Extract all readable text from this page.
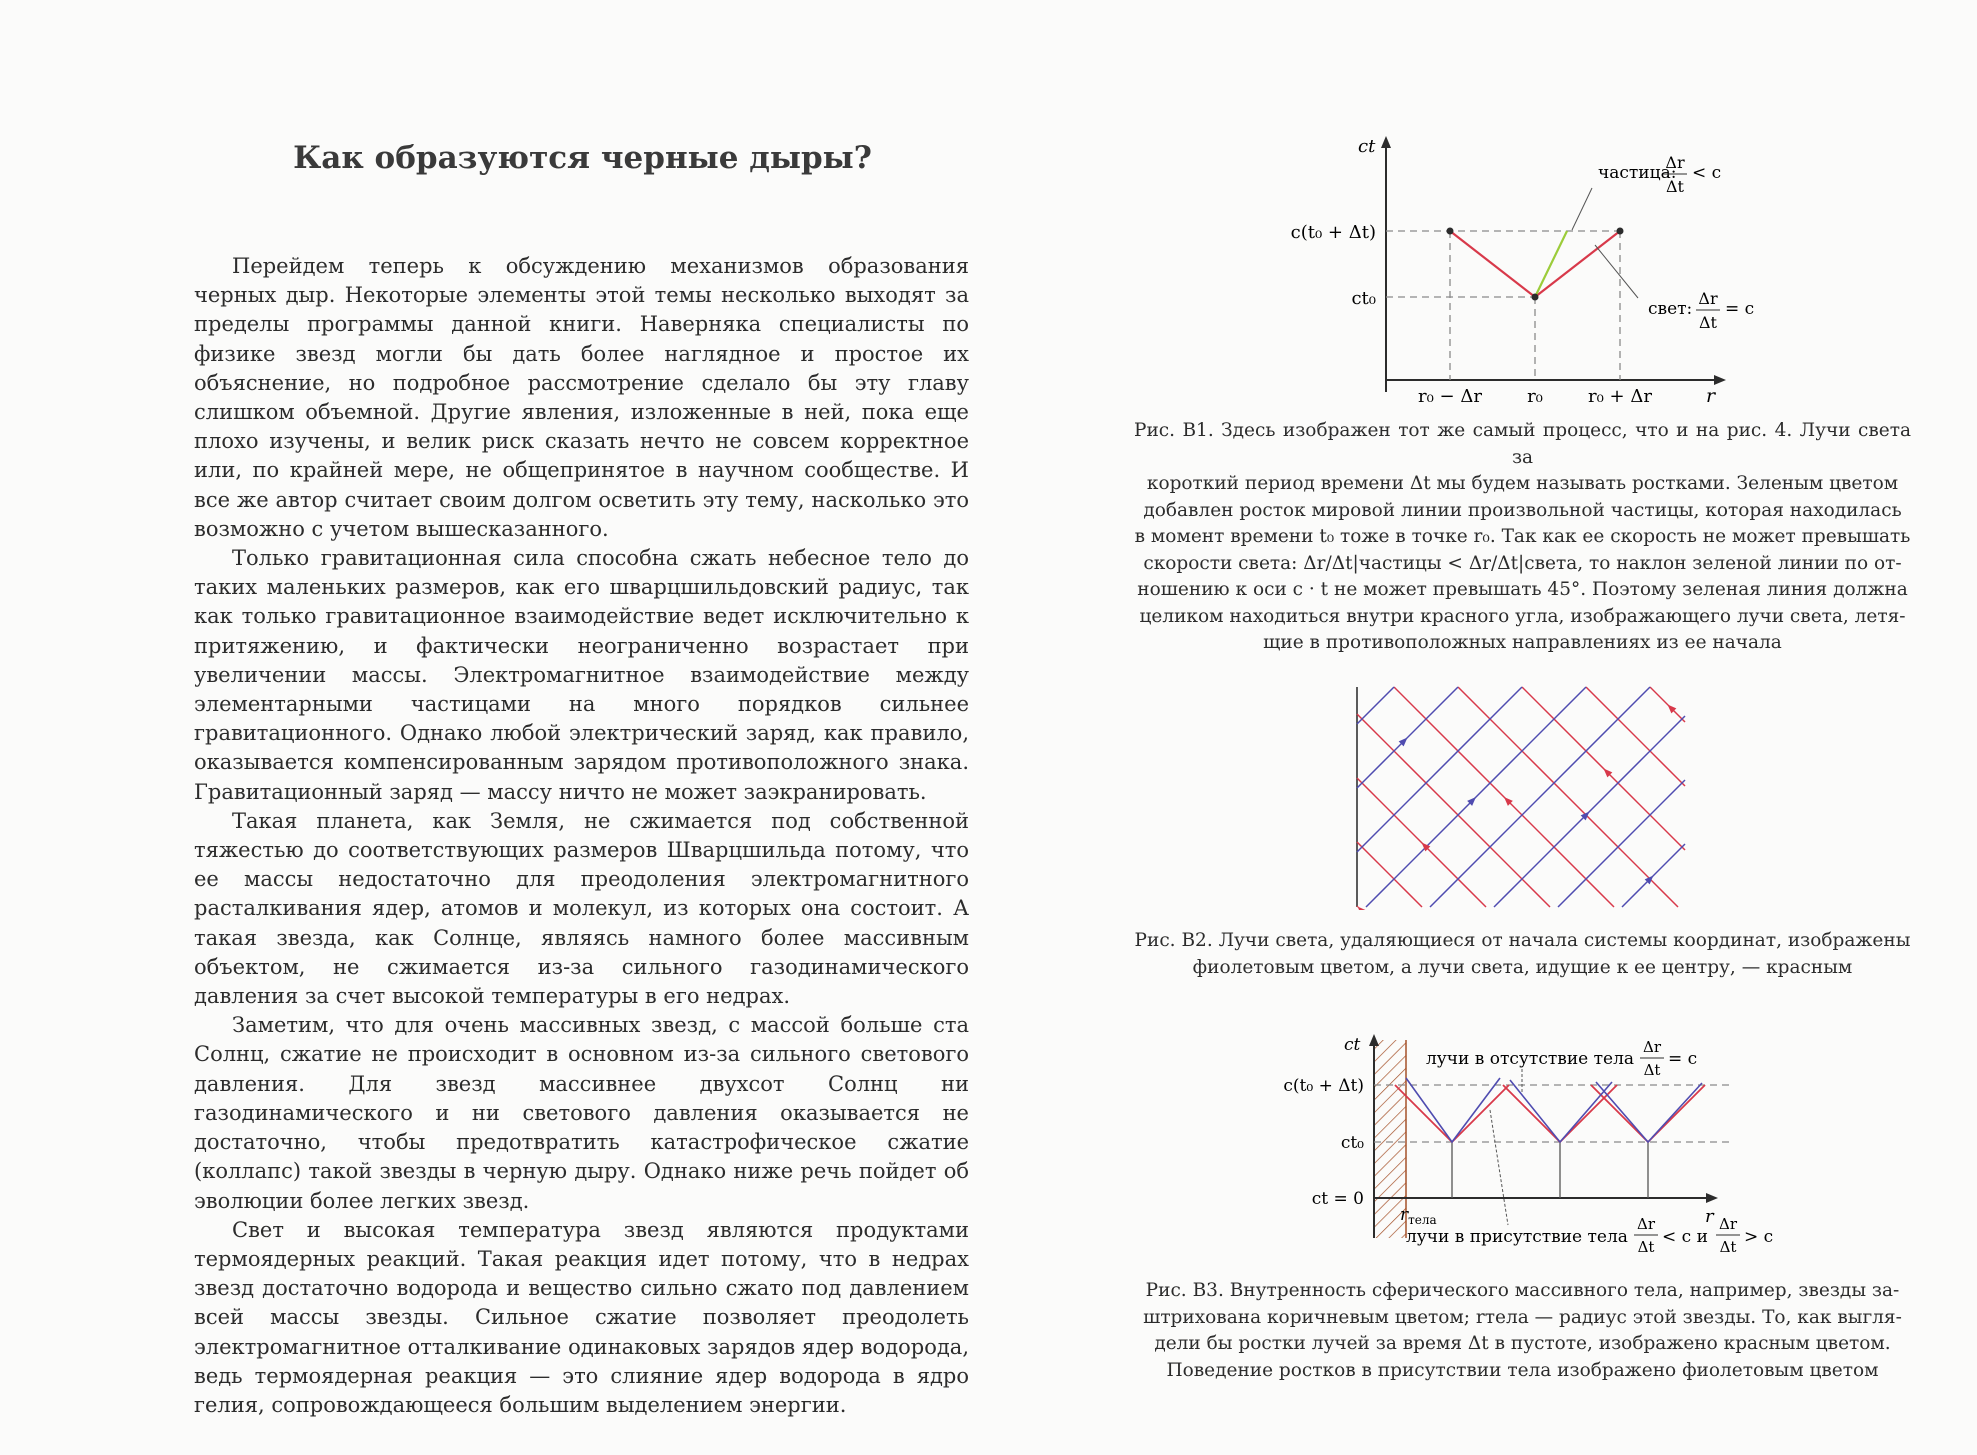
Как образуются черные дыры?

Перейдем теперь к обсуждению механизмов образования черных дыр. Некоторые элементы этой темы несколько выходят за пределы программы данной книги. Наверняка специалисты по физике звезд могли бы дать более наглядное и простое их объяснение, но подробное рассмотрение сделало бы эту главу слишком объемной. Другие явления, изложенные в ней, пока еще плохо изучены, и велик риск сказать нечто не совсем корректное или, по крайней мере, не общепринятое в научном сообществе. И все же автор считает своим долгом осветить эту тему, насколько это возможно с учетом вышесказанного.

Только гравитационная сила способна сжать небесное тело до таких маленьких размеров, как его шварцшильдовский радиус, так как только гравитационное взаимодействие ведет исключительно к притяжению, и фактически неограниченно возрастает при увеличении массы. Электромагнитное взаимодействие между элементарными частицами на много порядков сильнее гравитационного. Однако любой электрический заряд, как правило, оказывается компенсированным зарядом противоположного знака. Гравитационный заряд — массу ничто не может заэкранировать.

Такая планета, как Земля, не сжимается под собственной тяжестью до соответствующих размеров Шварцшильда потому, что ее массы недостаточно для преодоления электромагнитного расталкивания ядер, атомов и молекул, из которых она состоит. А такая звезда, как Солнце, являясь намного более массивным объектом, не сжимается из-за сильного газодинамического давления за счет высокой температуры в его недрах.

Заметим, что для очень массивных звезд, с массой больше ста Солнц, сжатие не происходит в основном из-за сильного светового давления. Для звезд массивнее двухсот Солнц ни газодинамического и ни светового давления оказывается не достаточно, чтобы предотвратить катастрофическое сжатие (коллапс) такой звезды в черную дыру. Однако ниже речь пойдет об эволюции более легких звезд.

Свет и высокая температура звезд являются продуктами термоядерных реакций. Такая реакция идет потому, что в недрах звезд достаточно водорода и вещество сильно сжато под давлением всей массы звезды. Сильное сжатие позволяет преодолеть электромагнитное отталкивание одинаковых зарядов ядер водорода, ведь термоядерная реакция — это слияние ядер водорода в ядро гелия, сопровождающееся большим выделением энергии.

ct
r
c(t₀ + Δt)
ct₀
r₀ − Δr	r₀	r₀ + Δr
частица:
Δr
Δt
< c
свет:
Δr
Δt
= c
Рис. В1. Здесь изображен тот же самый процесс, что и на рис. 4. Лучи света за
короткий период времени Δt мы будем называть ростками. Зеленым цветом
добавлен росток мировой линии произвольной частицы, которая находилась
в момент времени t₀ тоже в точке r₀. Так как ее скорость не может превышать
скорости света: Δr/Δt|частицы < Δr/Δt|света, то наклон зеленой линии по от-
ношению к оси c · t не может превышать 45°. Поэтому зеленая линия должна
целиком находиться внутри красного угла, изображающего лучи света, летя-
щие в противоположных направлениях из ее начала
Рис. В2. Лучи света, удаляющиеся от начала системы координат, изображены
фиолетовым цветом, а лучи света, идущие к ее центру, — красным
ct
r
c(t₀ + Δt)
ct₀
ct = 0
$r_{тела}$
лучи в отсутствие тела
Δr
Δt
= c
лучи в присутствие тела
Δr
Δt < c и
Δr
Δt > c
Рис. В3. Внутренность сферического массивного тела, например, звезды за-
штрихована коричневым цветом; rтела — радиус этой звезды. То, как выгля-
дели бы ростки лучей за время Δt в пустоте, изображено красным цветом.
Поведение ростков в присутствии тела изображено фиолетовым цветом
